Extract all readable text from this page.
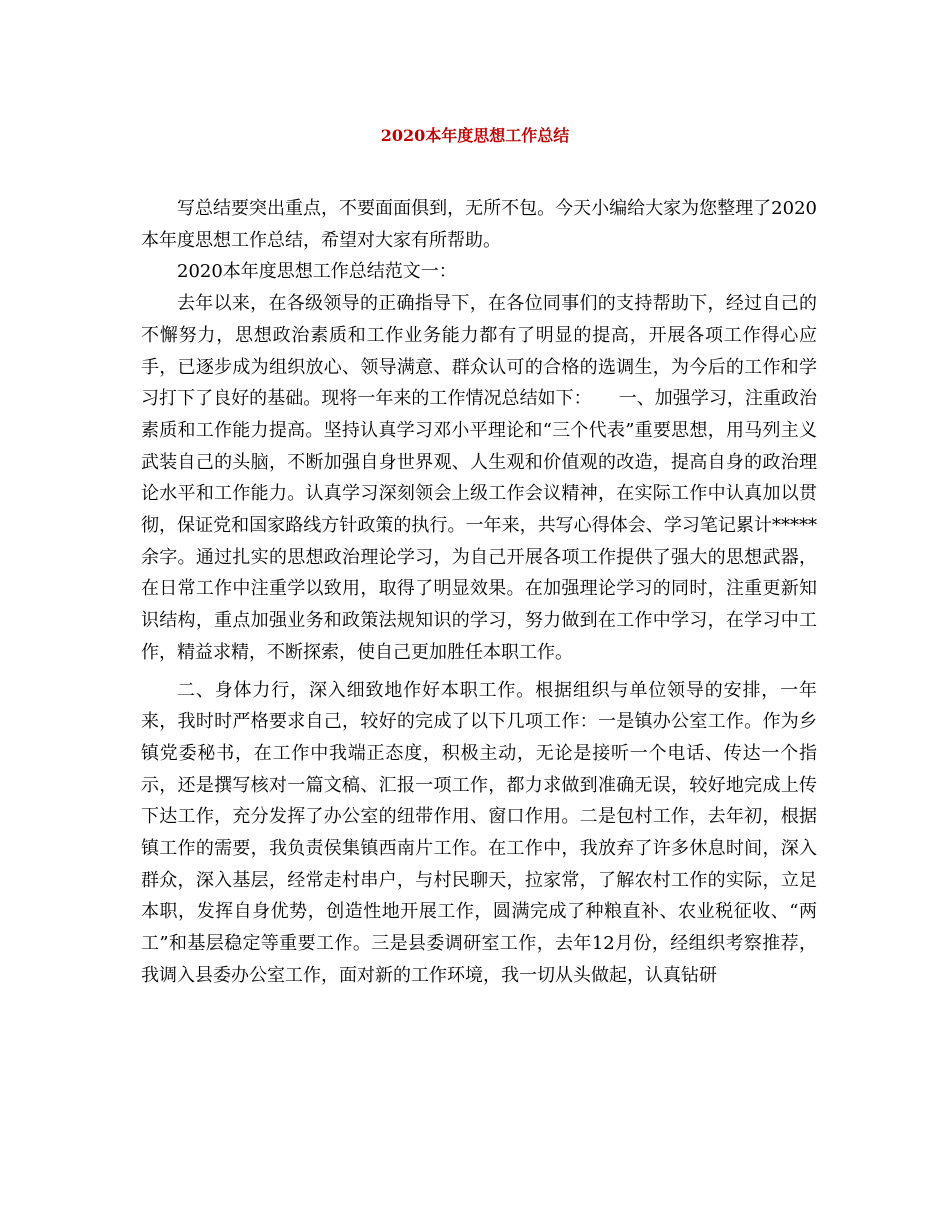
2020本年度思想工作总结

写总结要突出重点，不要面面俱到，无所不包。今天小编给大家为您整理了2020本年度思想工作总结，希望对大家有所帮助。

2020本年度思想工作总结范文一：

去年以来，在各级领导的正确指导下，在各位同事们的支持帮助下，经过自己的不懈努力，思想政治素质和工作业务能力都有了明显的提高，开展各项工作得心应手，已逐步成为组织放心、领导满意、群众认可的合格的选调生，为今后的工作和学习打下了良好的基础。现将一年来的工作情况总结如下：　　一、加强学习，注重政治素质和工作能力提高。坚持认真学习邓小平理论和“三个代表”重要思想，用马列主义武装自己的头脑，不断加强自身世界观、人生观和价值观的改造，提高自身的政治理论水平和工作能力。认真学习深刻领会上级工作会议精神，在实际工作中认真加以贯彻，保证党和国家路线方针政策的执行。一年来，共写心得体会、学习笔记累计*****余字。通过扎实的思想政治理论学习，为自己开展各项工作提供了强大的思想武器，在日常工作中注重学以致用，取得了明显效果。在加强理论学习的同时，注重更新知识结构，重点加强业务和政策法规知识的学习，努力做到在工作中学习，在学习中工作，精益求精，不断探索，使自己更加胜任本职工作。

二、身体力行，深入细致地作好本职工作。根据组织与单位领导的安排，一年来，我时时严格要求自己，较好的完成了以下几项工作：一是镇办公室工作。作为乡镇党委秘书，在工作中我端正态度，积极主动，无论是接听一个电话、传达一个指示，还是撰写核对一篇文稿、汇报一项工作，都力求做到准确无误，较好地完成上传下达工作，充分发挥了办公室的纽带作用、窗口作用。二是包村工作，去年初，根据镇工作的需要，我负责侯集镇西南片工作。在工作中，我放弃了许多休息时间，深入群众，深入基层，经常走村串户，与村民聊天，拉家常，了解农村工作的实际，立足本职，发挥自身优势，创造性地开展工作，圆满完成了种粮直补、农业税征收、“两工”和基层稳定等重要工作。三是县委调研室工作，去年12月份，经组织考察推荐，我调入县委办公室工作，面对新的工作环境，我一切从头做起，认真钻研
